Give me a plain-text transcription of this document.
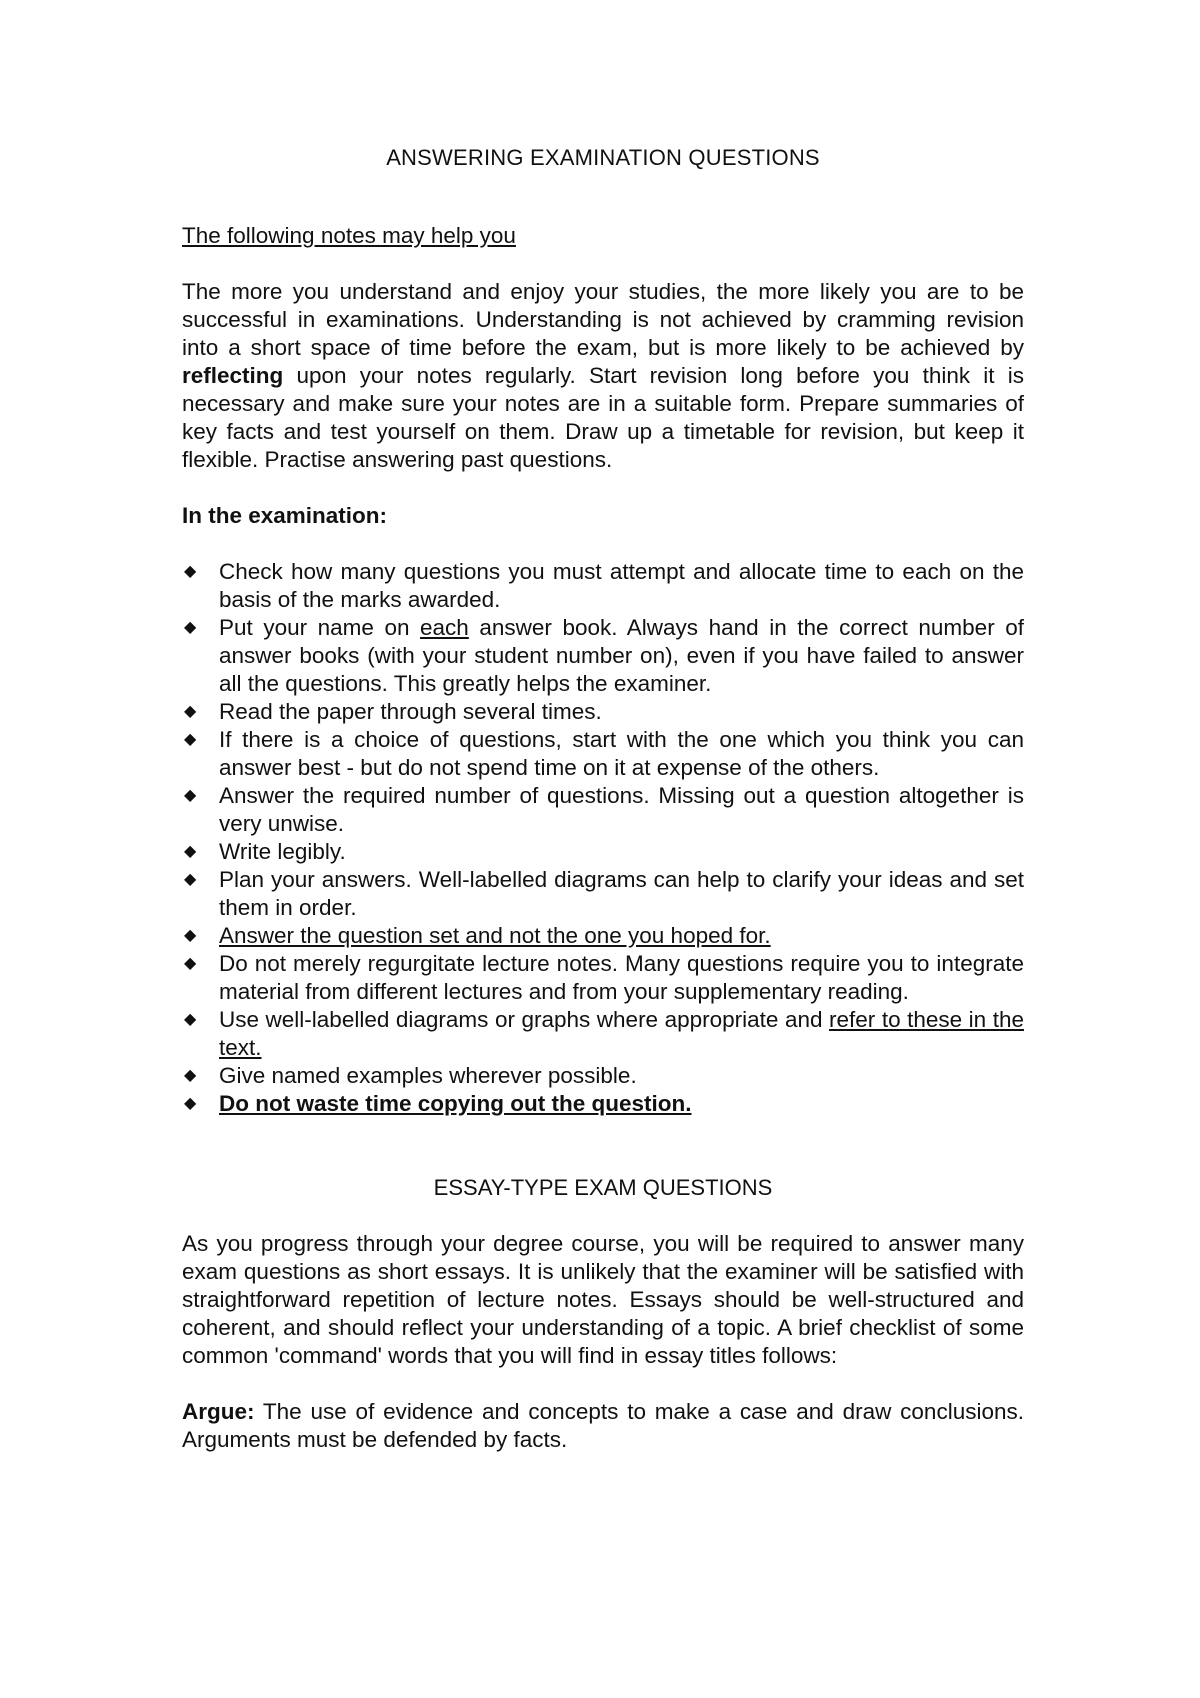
ANSWERING EXAMINATION QUESTIONS
The following notes may help you
The more you understand and enjoy your studies, the more likely you are to be successful in examinations. Understanding is not achieved by cramming revision into a short space of time before the exam, but is more likely to be achieved by reflecting upon your notes regularly. Start revision long before you think it is necessary and make sure your notes are in a suitable form. Prepare summaries of key facts and test yourself on them. Draw up a timetable for revision, but keep it flexible. Practise answering past questions.
In the examination:
◆ Check how many questions you must attempt and allocate time to each on the basis of the marks awarded.
◆ Put your name on each answer book. Always hand in the correct number of answer books (with your student number on), even if you have failed to answer all the questions. This greatly helps the examiner.
◆ Read the paper through several times.
◆ If there is a choice of questions, start with the one which you think you can answer best - but do not spend time on it at expense of the others.
◆ Answer the required number of questions. Missing out a question altogether is very unwise.
◆ Write legibly.
◆ Plan your answers. Well-labelled diagrams can help to clarify your ideas and set them in order.
◆ Answer the question set and not the one you hoped for.
◆ Do not merely regurgitate lecture notes. Many questions require you to integrate material from different lectures and from your supplementary reading.
◆ Use well-labelled diagrams or graphs where appropriate and refer to these in the text.
◆ Give named examples wherever possible.
◆ Do not waste time copying out the question.
ESSAY-TYPE EXAM QUESTIONS
As you progress through your degree course, you will be required to answer many exam questions as short essays. It is unlikely that the examiner will be satisfied with straightforward repetition of lecture notes. Essays should be well-structured and coherent, and should reflect your understanding of a topic. A brief checklist of some common 'command' words that you will find in essay titles follows:
Argue: The use of evidence and concepts to make a case and draw conclusions. Arguments must be defended by facts.
